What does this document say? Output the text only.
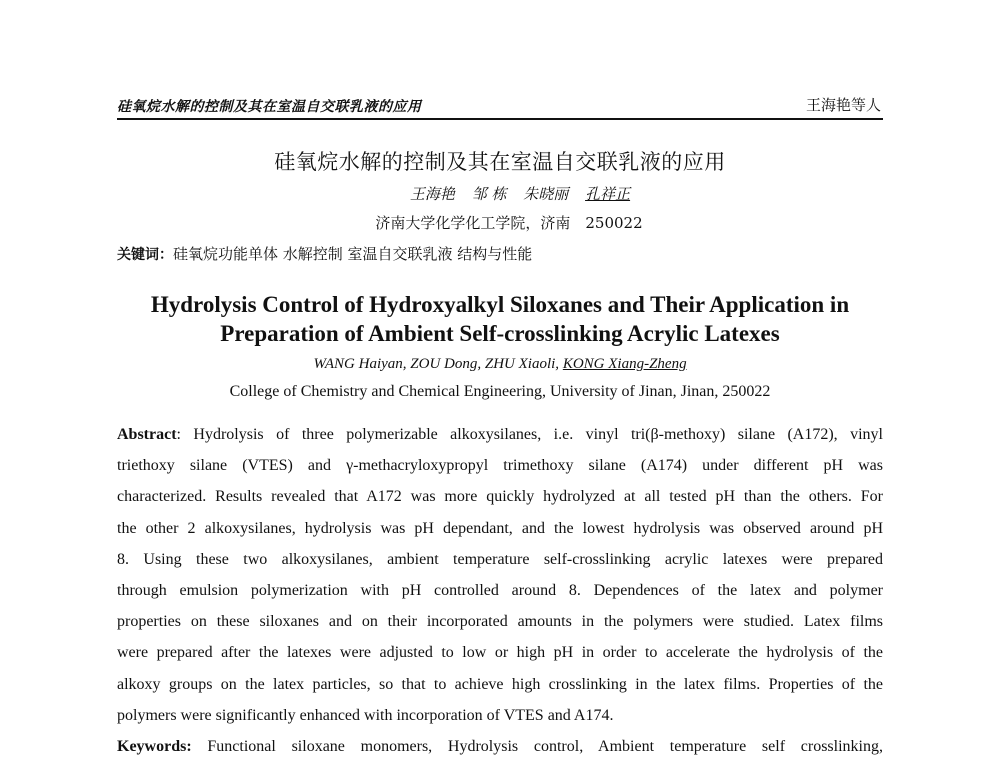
硅氧烷水解的控制及其在室温自交联乳液的应用	王海艳等人
硅氧烷水解的控制及其在室温自交联乳液的应用
王海艳 邹 栋 朱晓丽 孔祥正
济南大学化学化工学院，济南　250022
关键词：硅氧烷功能单体 水解控制 室温自交联乳液 结构与性能
Hydrolysis Control of Hydroxyalkyl Siloxanes and Their Application in
Preparation of Ambient Self-crosslinking Acrylic Latexes
WANG Haiyan, ZOU Dong, ZHU Xiaoli, KONG Xiang-Zheng
College of Chemistry and Chemical Engineering, University of Jinan, Jinan, 250022
Abstract: Hydrolysis of three polymerizable alkoxysilanes, i.e. vinyl tri(β-methoxy) silane (A172), vinyl
triethoxy silane (VTES) and γ-methacryloxypropyl trimethoxy silane (A174) under different pH was
characterized. Results revealed that A172 was more quickly hydrolyzed at all tested pH than the others. For
the other 2 alkoxysilanes, hydrolysis was pH dependant, and the lowest hydrolysis was observed around pH
8. Using these two alkoxysilanes, ambient temperature self-crosslinking acrylic latexes were prepared
through emulsion polymerization with pH controlled around 8. Dependences of the latex and polymer
properties on these siloxanes and on their incorporated amounts in the polymers were studied. Latex films
were prepared after the latexes were adjusted to low or high pH in order to accelerate the hydrolysis of the
alkoxy groups on the latex particles, so that to achieve high crosslinking in the latex films. Properties of the
polymers were significantly enhanced with incorporation of VTES and A174.
Keywords: Functional siloxane monomers, Hydrolysis control, Ambient temperature self crosslinking,
